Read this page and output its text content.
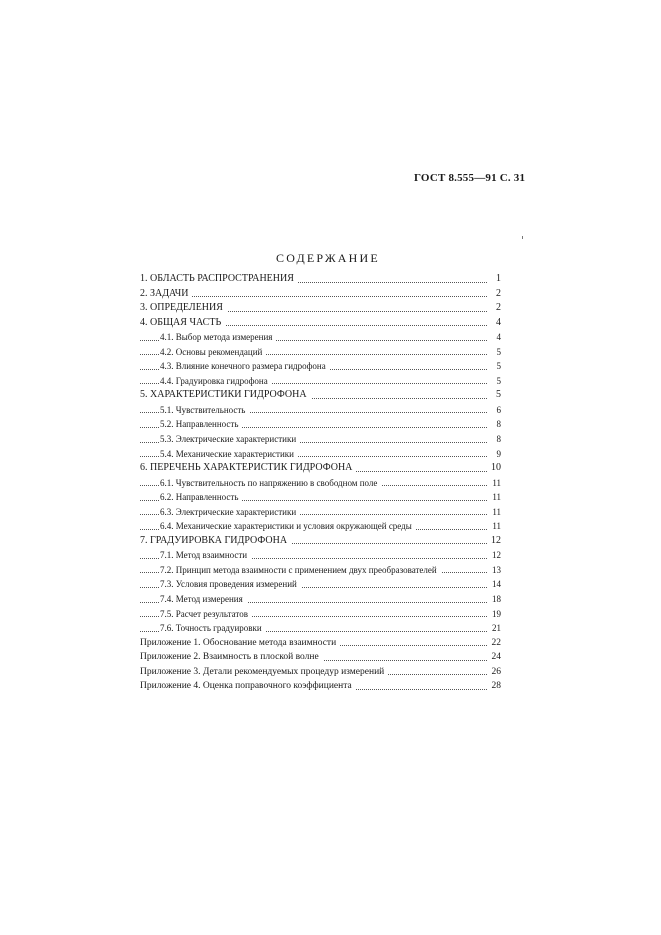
ГОСТ 8.555—91 С. 31
СОДЕРЖАНИЕ
1. ОБЛАСТЬ РАСПРОСТРАНЕНИЯ	1
2. ЗАДАЧИ	2
3. ОПРЕДЕЛЕНИЯ	2
4. ОБЩАЯ ЧАСТЬ	4
4.1. Выбор метода измерения	4
4.2. Основы рекомендаций	5
4.3. Влияние конечного размера гидрофона	5
4.4. Градуировка гидрофона	5
5. ХАРАКТЕРИСТИКИ ГИДРОФОНА	5
5.1. Чувствительность	6
5.2. Направленность	8
5.3. Электрические характеристики	8
5.4. Механические характеристики	9
6. ПЕРЕЧЕНЬ ХАРАКТЕРИСТИК ГИДРОФОНА	10
6.1. Чувствительность по напряжению в свободном поле	11
6.2. Направленность	11
6.3. Электрические характеристики	11
6.4. Механические характеристики и условия окружающей среды	11
7. ГРАДУИРОВКА ГИДРОФОНА	12
7.1. Метод взаимности	12
7.2. Принцип метода взаимности с применением двух преобразователей	13
7.3. Условия проведения измерений	14
7.4. Метод измерения	18
7.5. Расчет результатов	19
7.6. Точность градуировки	21
Приложение 1. Обоснование метода взаимности	22
Приложение 2. Взаимность в плоской волне	24
Приложение 3. Детали рекомендуемых процедур измерений	26
Приложение 4. Оценка поправочного коэффициента	28
